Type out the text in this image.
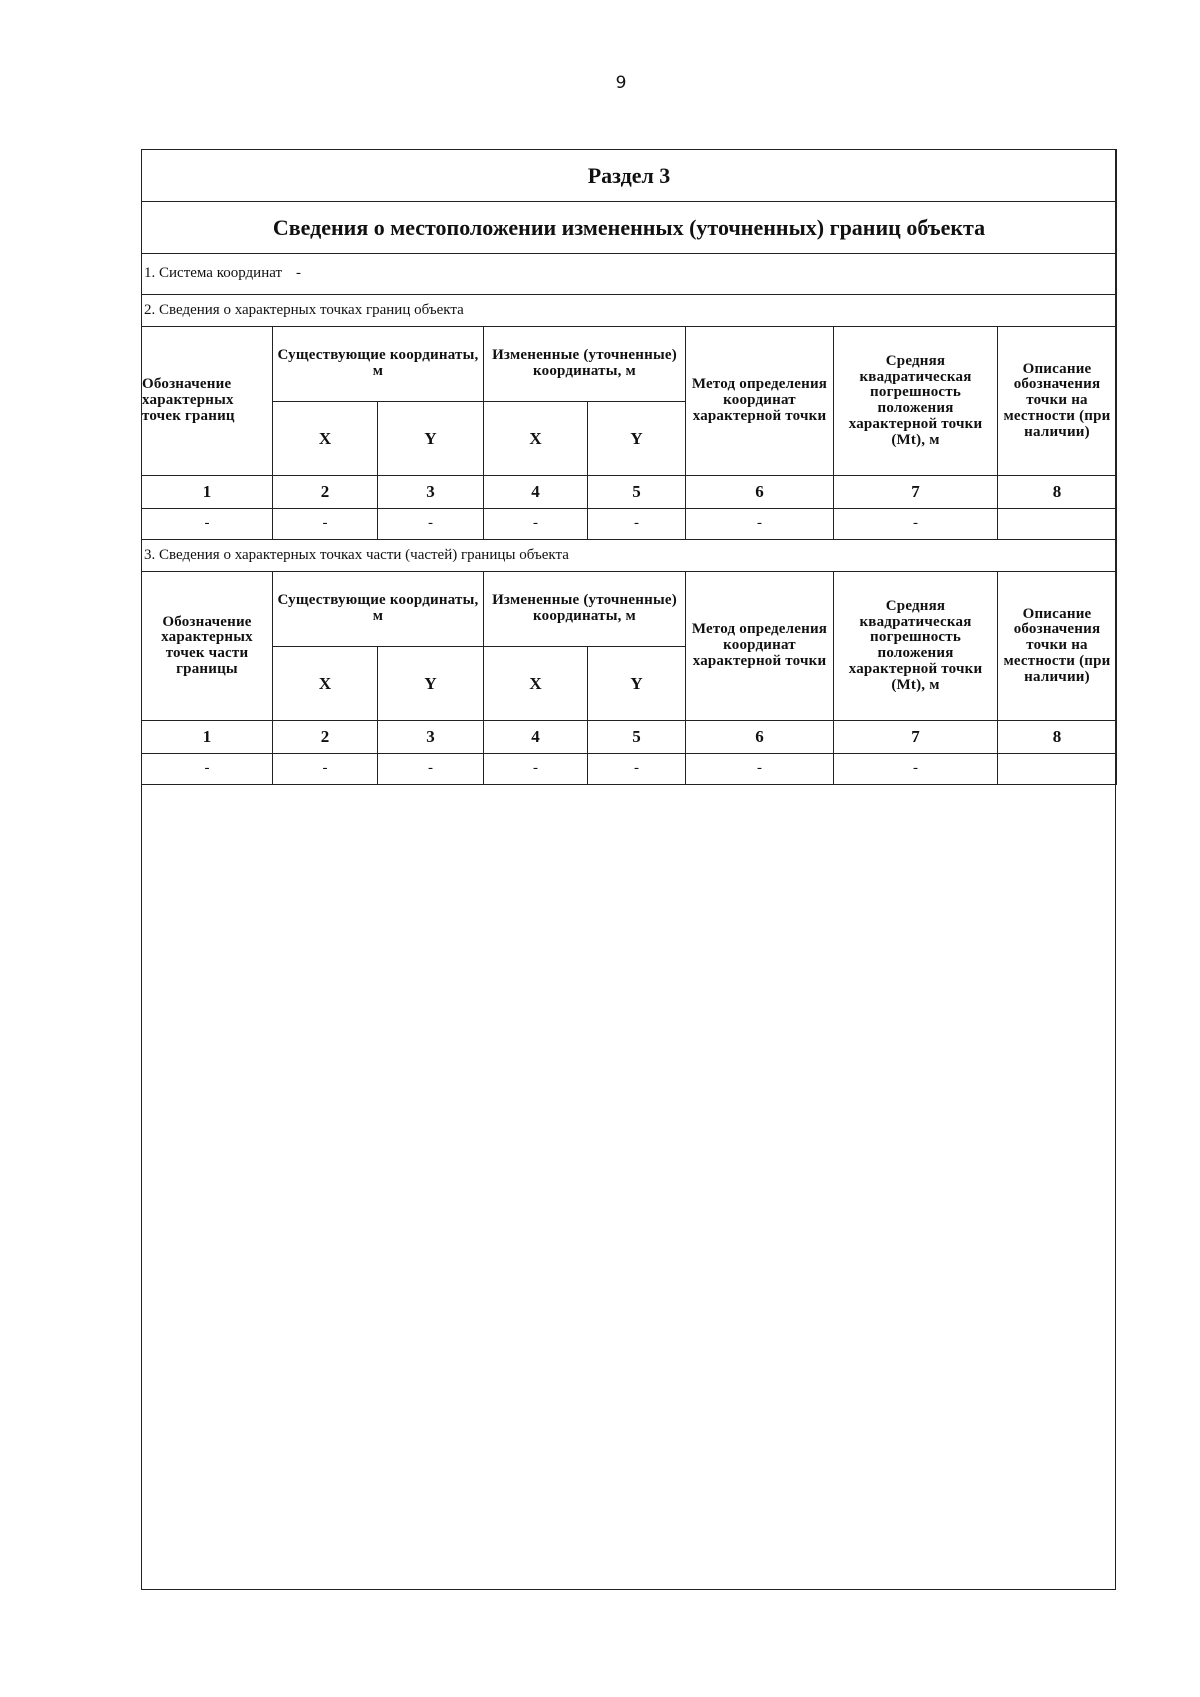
9
Раздел 3							
Сведения о местоположении измененных (уточненных) границ объекта							
1. Система координат -							
2. Сведения о характерных точках границ объекта							
Обозначение характерных точек границ	Существующие координаты, м		Измененные (уточненные) координаты, м		Метод определения координат характерной точки	Средняя квадратическая погрешность положения характерной точки (Mt), м	Описание обозначения точки на местности (при наличии)
	X	Y	X	Y			
1	2	3	4	5	6	7	8
-	-	-	-	-	-	-	
3. Сведения о характерных точках части (частей) границы объекта							
Обозначение характерных точек части границы	Существующие координаты, м		Измененные (уточненные) координаты, м		Метод определения координат характерной точки	Средняя квадратическая погрешность положения характерной точки (Mt), м	Описание обозначения точки на местности (при наличии)
	X	Y	X	Y			
1	2	3	4	5	6	7	8
-	-	-	-	-	-	-	
